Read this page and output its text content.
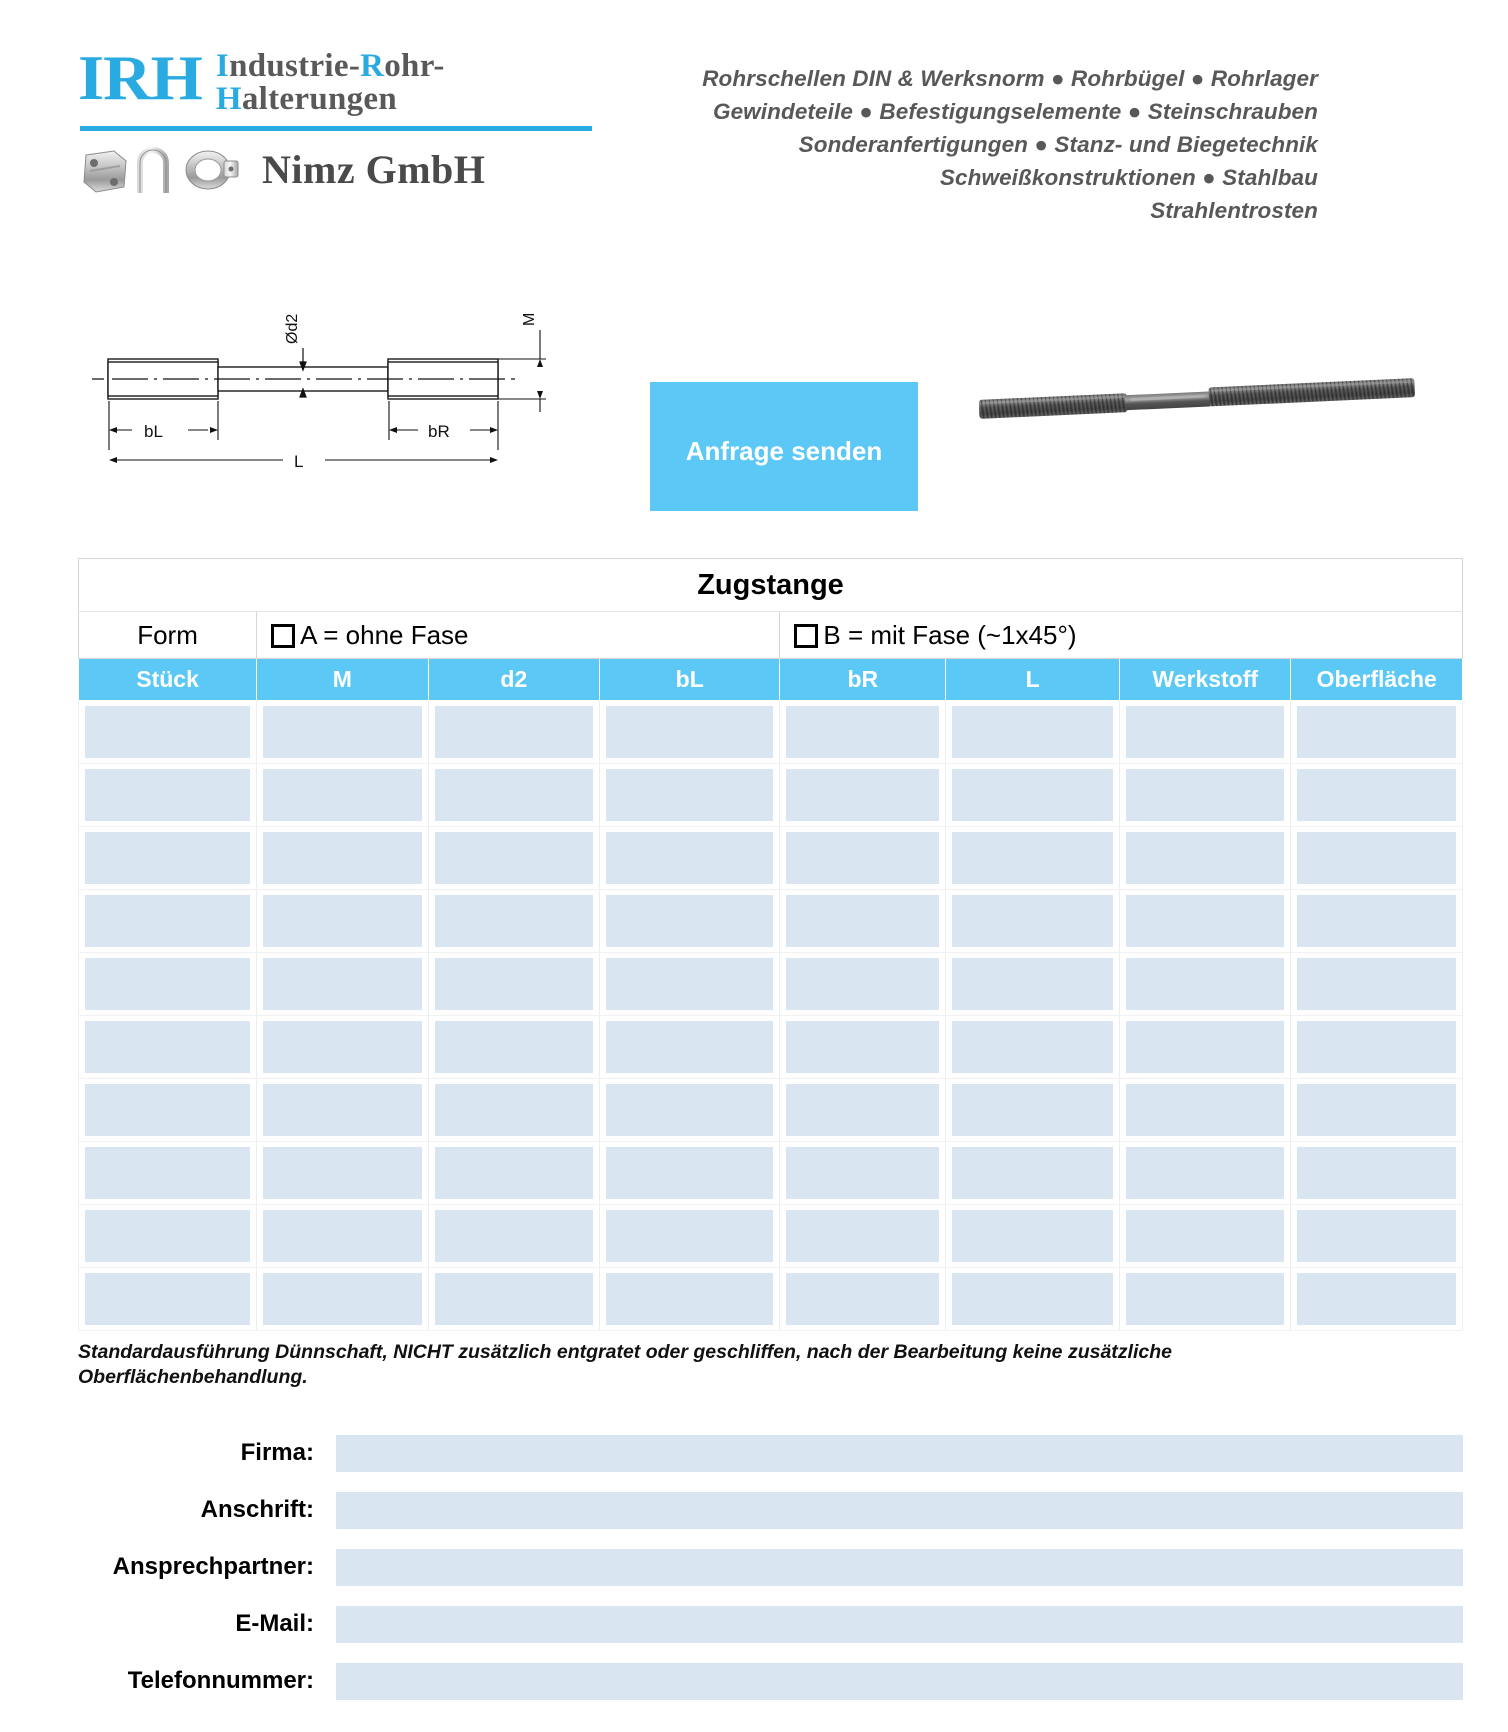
IRH Industrie-Rohr-
Halterungen
Nimz GmbH
Rohrschellen DIN & Werksnorm ● Rohrbügel ● Rohrlager
Gewindeteile ● Befestigungselemente ● Steinschrauben
Sonderanfertigungen ● Stanz- und Biegetechnik
Schweißkonstruktionen ● Stahlbau
Strahlentrosten
Ød2	M
bL	bR
L	Anfrage senden
Zugstange							
Form	A = ohne Fase			B = mit Fase (~1x45°)			
Stück	M	d2	bL	bR	L	Werkstoff	Oberfläche

Standardausführung Dünnschaft, NICHT zusätzlich entgratet oder geschliffen, nach der Bearbeitung keine zusätzliche Oberflächenbehandlung.
Firma:
Anschrift:
Ansprechpartner:
E-Mail:
Telefonnummer:
